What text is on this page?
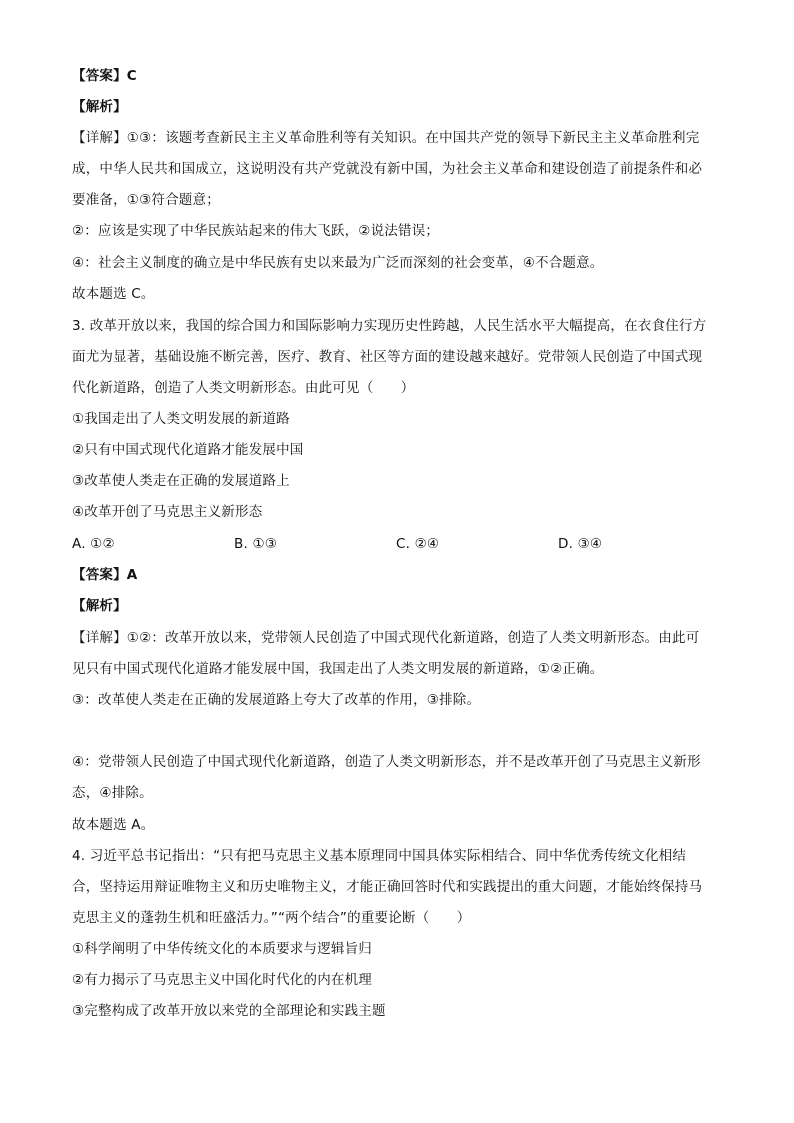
【答案】C
【解析】
【详解】①③：该题考查新民主主义革命胜利等有关知识。在中国共产党的领导下新民主主义革命胜利完
成，中华人民共和国成立，这说明没有共产党就没有新中国，为社会主义革命和建设创造了前提条件和必
要准备，①③符合题意；
②：应该是实现了中华民族站起来的伟大飞跃，②说法错误；
④：社会主义制度的确立是中华民族有史以来最为广泛而深刻的社会变革，④不合题意。
故本题选 C。
3. 改革开放以来，我国的综合国力和国际影响力实现历史性跨越，人民生活水平大幅提高，在衣食住行方
面尤为显著，基础设施不断完善，医疗、教育、社区等方面的建设越来越好。党带领人民创造了中国式现
代化新道路，创造了人类文明新形态。由此可见（　　）
①我国走出了人类文明发展的新道路
②只有中国式现代化道路才能发展中国
③改革使人类走在正确的发展道路上
④改革开创了马克思主义新形态
A. ①②	B. ①③	C. ②④	D. ③④
【答案】A
【解析】
【详解】①②：改革开放以来，党带领人民创造了中国式现代化新道路，创造了人类文明新形态。由此可
见只有中国式现代化道路才能发展中国，我国走出了人类文明发展的新道路，①②正确。
③：改革使人类走在正确的发展道路上夸大了改革的作用，③排除。
④：党带领人民创造了中国式现代化新道路，创造了人类文明新形态，并不是改革开创了马克思主义新形
态，④排除。
故本题选 A。
4. 习近平总书记指出：“只有把马克思主义基本原理同中国具体实际相结合、同中华优秀传统文化相结
合，坚持运用辩证唯物主义和历史唯物主义，才能正确回答时代和实践提出的重大问题，才能始终保持马
克思主义的蓬勃生机和旺盛活力。”“两个结合”的重要论断（　　）
①科学阐明了中华传统文化的本质要求与逻辑旨归
②有力揭示了马克思主义中国化时代化的内在机理
③完整构成了改革开放以来党的全部理论和实践主题
